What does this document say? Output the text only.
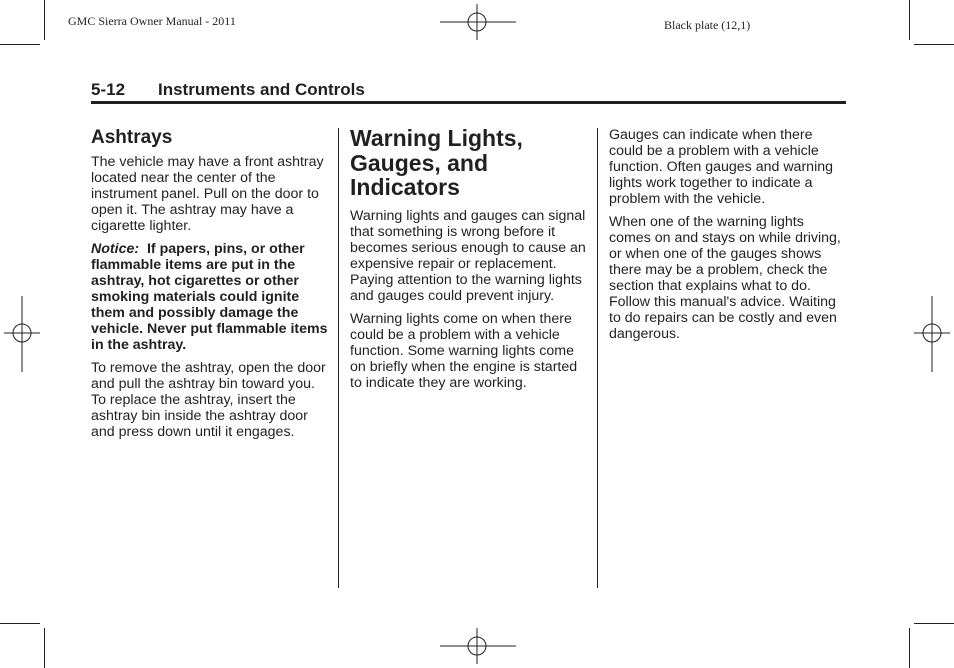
GMC Sierra Owner Manual - 2011	Black plate (12,1)
5-12 Instruments and Controls
Ashtrays

The vehicle may have a front ashtray located near the center of the instrument panel. Pull on the door to open it. The ashtray may have a cigarette lighter.

Notice: If papers, pins, or other flammable items are put in the ashtray, hot cigarettes or other smoking materials could ignite them and possibly damage the vehicle. Never put flammable items in the ashtray.

To remove the ashtray, open the door and pull the ashtray bin toward you. To replace the ashtray, insert the ashtray bin inside the ashtray door and press down until it engages.

Warning Lights, Gauges, and Indicators

Warning lights and gauges can signal that something is wrong before it becomes serious enough to cause an expensive repair or replacement. Paying attention to the warning lights and gauges could prevent injury.

Warning lights come on when there could be a problem with a vehicle function. Some warning lights come on briefly when the engine is started to indicate they are working.

Gauges can indicate when there could be a problem with a vehicle function. Often gauges and warning lights work together to indicate a problem with the vehicle.

When one of the warning lights comes on and stays on while driving, or when one of the gauges shows there may be a problem, check the section that explains what to do. Follow this manual's advice. Waiting to do repairs can be costly and even dangerous.
